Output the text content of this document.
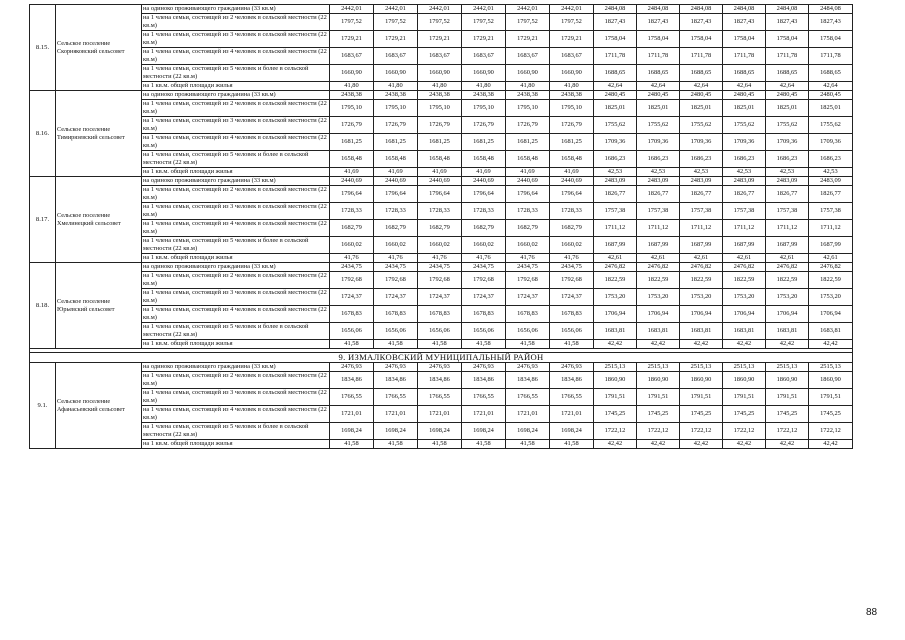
8.15.	Сельское поселение Скорняковский сельсовет	на одиноко проживающего гражданина (33 кв.м)	2442,01	2442,01	2442,01	2442,01	2442,01	2442,01	2484,08	2484,08	2484,08	2484,08	2484,08	2484,08
		на 1 члена семьи, состоящей из 2 человек в сельской местности (22 кв.м)	1797,52	1797,52	1797,52	1797,52	1797,52	1797,52	1827,43	1827,43	1827,43	1827,43	1827,43	1827,43
		на 1 члена семьи, состоящей из 3 человек в сельской местности (22 кв.м)	1729,21	1729,21	1729,21	1729,21	1729,21	1729,21	1758,04	1758,04	1758,04	1758,04	1758,04	1758,04
		на 1 члена семьи, состоящей из 4 человек в сельской местности (22 кв.м)	1683,67	1683,67	1683,67	1683,67	1683,67	1683,67	1711,78	1711,78	1711,78	1711,78	1711,78	1711,78
		на 1 члена семьи, состоящей из 5 человек и более в сельской местности (22 кв.м)	1660,90	1660,90	1660,90	1660,90	1660,90	1660,90	1688,65	1688,65	1688,65	1688,65	1688,65	1688,65
		на 1 кв.м. общей площади жилья	41,80	41,80	41,80	41,80	41,80	41,80	42,64	42,64	42,64	42,64	42,64	42,64
8.16.	Сельское поселение Тимирязевский сельсовет	на одиноко проживающего гражданина (33 кв.м)	2438,38	2438,38	2438,38	2438,38	2438,38	2438,38	2480,45	2480,45	2480,45	2480,45	2480,45	2480,45
		на 1 члена семьи, состоящей из 2 человек в сельской местности (22 кв.м)	1795,10	1795,10	1795,10	1795,10	1795,10	1795,10	1825,01	1825,01	1825,01	1825,01	1825,01	1825,01
		на 1 члена семьи, состоящей из 3 человек в сельской местности (22 кв.м)	1726,79	1726,79	1726,79	1726,79	1726,79	1726,79	1755,62	1755,62	1755,62	1755,62	1755,62	1755,62
		на 1 члена семьи, состоящей из 4 человек в сельской местности (22 кв.м)	1681,25	1681,25	1681,25	1681,25	1681,25	1681,25	1709,36	1709,36	1709,36	1709,36	1709,36	1709,36
		на 1 члена семьи, состоящей из 5 человек и более в сельской местности (22 кв.м)	1658,48	1658,48	1658,48	1658,48	1658,48	1658,48	1686,23	1686,23	1686,23	1686,23	1686,23	1686,23
		на 1 кв.м. общей площади жилья	41,69	41,69	41,69	41,69	41,69	41,69	42,53	42,53	42,53	42,53	42,53	42,53
8.17.	Сельское поселение Хмелинецкий сельсовет	на одиноко проживающего гражданина (33 кв.м)	2440,69	2440,69	2440,69	2440,69	2440,69	2440,69	2483,09	2483,09	2483,09	2483,09	2483,09	2483,09
		на 1 члена семьи, состоящей из 2 человек в сельской местности (22 кв.м)	1796,64	1796,64	1796,64	1796,64	1796,64	1796,64	1826,77	1826,77	1826,77	1826,77	1826,77	1826,77
		на 1 члена семьи, состоящей из 3 человек в сельской местности (22 кв.м)	1728,33	1728,33	1728,33	1728,33	1728,33	1728,33	1757,38	1757,38	1757,38	1757,38	1757,38	1757,38
		на 1 члена семьи, состоящей из 4 человек в сельской местности (22 кв.м)	1682,79	1682,79	1682,79	1682,79	1682,79	1682,79	1711,12	1711,12	1711,12	1711,12	1711,12	1711,12
		на 1 члена семьи, состоящей из 5 человек и более в сельской местности (22 кв.м)	1660,02	1660,02	1660,02	1660,02	1660,02	1660,02	1687,99	1687,99	1687,99	1687,99	1687,99	1687,99
		на 1 кв.м. общей площади жилья	41,76	41,76	41,76	41,76	41,76	41,76	42,61	42,61	42,61	42,61	42,61	42,61
8.18.	Сельское поселение Юрьевский сельсовет	на одиноко проживающего гражданина (33 кв.м)	2434,75	2434,75	2434,75	2434,75	2434,75	2434,75	2476,82	2476,82	2476,82	2476,82	2476,82	2476,82
		на 1 члена семьи, состоящей из 2 человек в сельской местности (22 кв.м)	1792,68	1792,68	1792,68	1792,68	1792,68	1792,68	1822,59	1822,59	1822,59	1822,59	1822,59	1822,59
		на 1 члена семьи, состоящей из 3 человек в сельской местности (22 кв.м)	1724,37	1724,37	1724,37	1724,37	1724,37	1724,37	1753,20	1753,20	1753,20	1753,20	1753,20	1753,20
		на 1 члена семьи, состоящей из 4 человек в сельской местности (22 кв.м)	1678,83	1678,83	1678,83	1678,83	1678,83	1678,83	1706,94	1706,94	1706,94	1706,94	1706,94	1706,94
		на 1 члена семьи, состоящей из 5 человек и более в сельской местности (22 кв.м)	1656,06	1656,06	1656,06	1656,06	1656,06	1656,06	1683,81	1683,81	1683,81	1683,81	1683,81	1683,81
		на 1 кв.м. общей площади жилья	41,58	41,58	41,58	41,58	41,58	41,58	42,42	42,42	42,42	42,42	42,42	42,42

9. ИЗМАЛКОВСКИЙ МУНИЦИПАЛЬНЫЙ РАЙОН														
9.1.	Сельское поселение Афанасьевский сельсовет	на одиноко проживающего гражданина (33 кв.м)	2476,93	2476,93	2476,93	2476,93	2476,93	2476,93	2515,13	2515,13	2515,13	2515,13	2515,13	2515,13
		на 1 члена семьи, состоящей из 2 человек в сельской местности (22 кв.м)	1834,86	1834,86	1834,86	1834,86	1834,86	1834,86	1860,90	1860,90	1860,90	1860,90	1860,90	1860,90
		на 1 члена семьи, состоящей из 3 человек в сельской местности (22 кв.м)	1766,55	1766,55	1766,55	1766,55	1766,55	1766,55	1791,51	1791,51	1791,51	1791,51	1791,51	1791,51
		на 1 члена семьи, состоящей из 4 человек в сельской местности (22 кв.м)	1721,01	1721,01	1721,01	1721,01	1721,01	1721,01	1745,25	1745,25	1745,25	1745,25	1745,25	1745,25
		на 1 члена семьи, состоящей из 5 человек и более в сельской местности (22 кв.м)	1698,24	1698,24	1698,24	1698,24	1698,24	1698,24	1722,12	1722,12	1722,12	1722,12	1722,12	1722,12
		на 1 кв.м. общей площади жилья	41,58	41,58	41,58	41,58	41,58	41,58	42,42	42,42	42,42	42,42	42,42	42,42
88
